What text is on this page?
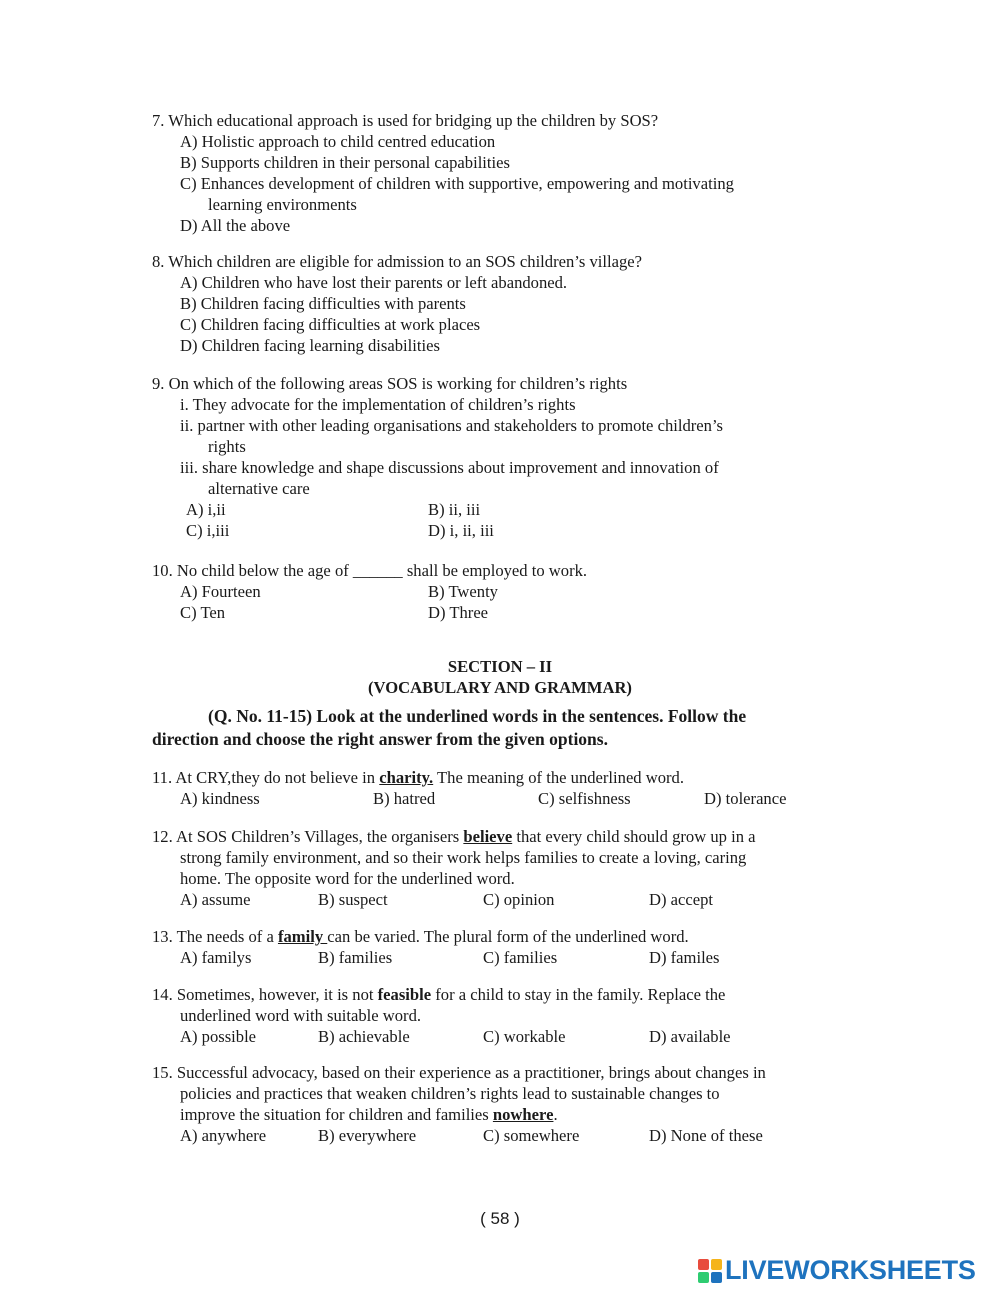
7. Which educational approach is used for bridging up the children by SOS?
A) Holistic approach to child centred education
B) Supports children in their personal capabilities
C) Enhances development of children with supportive, empowering and motivating
learning environments
D) All the above
8. Which children are eligible for admission to an SOS children’s village?
A) Children who have lost their parents or left abandoned.
B) Children facing difficulties with parents
C) Children facing difficulties at work places
D) Children facing learning disabilities
9. On which of the following areas SOS is working for children’s rights
i. They advocate for the implementation of children’s rights
ii. partner with other leading organisations and stakeholders to promote children’s
rights
iii. share knowledge and shape discussions about improvement and innovation of
alternative care
A) i,ii	B) ii, iii
C) i,iii	D) i, ii, iii
10. No child below the age of ______ shall be employed to work.
A) Fourteen	B) Twenty
C) Ten	D) Three
SECTION – II
(VOCABULARY AND GRAMMAR)
(Q. No. 11-15) Look at the underlined words in the sentences. Follow the
direction and choose the right answer from the given options.
11. At CRY,they do not believe in charity. The meaning of the underlined word.
A) kindness	B) hatred	C) selfishness	D) tolerance
12. At SOS Children’s Villages, the organisers believe that every child should grow up in a
strong family environment, and so their work helps families to create a loving, caring
home. The opposite word for the underlined word.
A) assume	B) suspect	C) opinion	D) accept
13. The needs of a family can be varied. The plural form of the underlined word.
A) familys	B) families	C) families	D) familes
14. Sometimes, however, it is not feasible for a child to stay in the family. Replace the
underlined word with suitable word.
A) possible	B) achievable	C) workable	D) available
15. Successful advocacy, based on their experience as a practitioner, brings about changes in
policies and practices that weaken children’s rights lead to sustainable changes to
improve the situation for children and families nowhere.
A) anywhere	B) everywhere	C) somewhere	D) None of these
( 58 )
LIVEWORKSHEETS
